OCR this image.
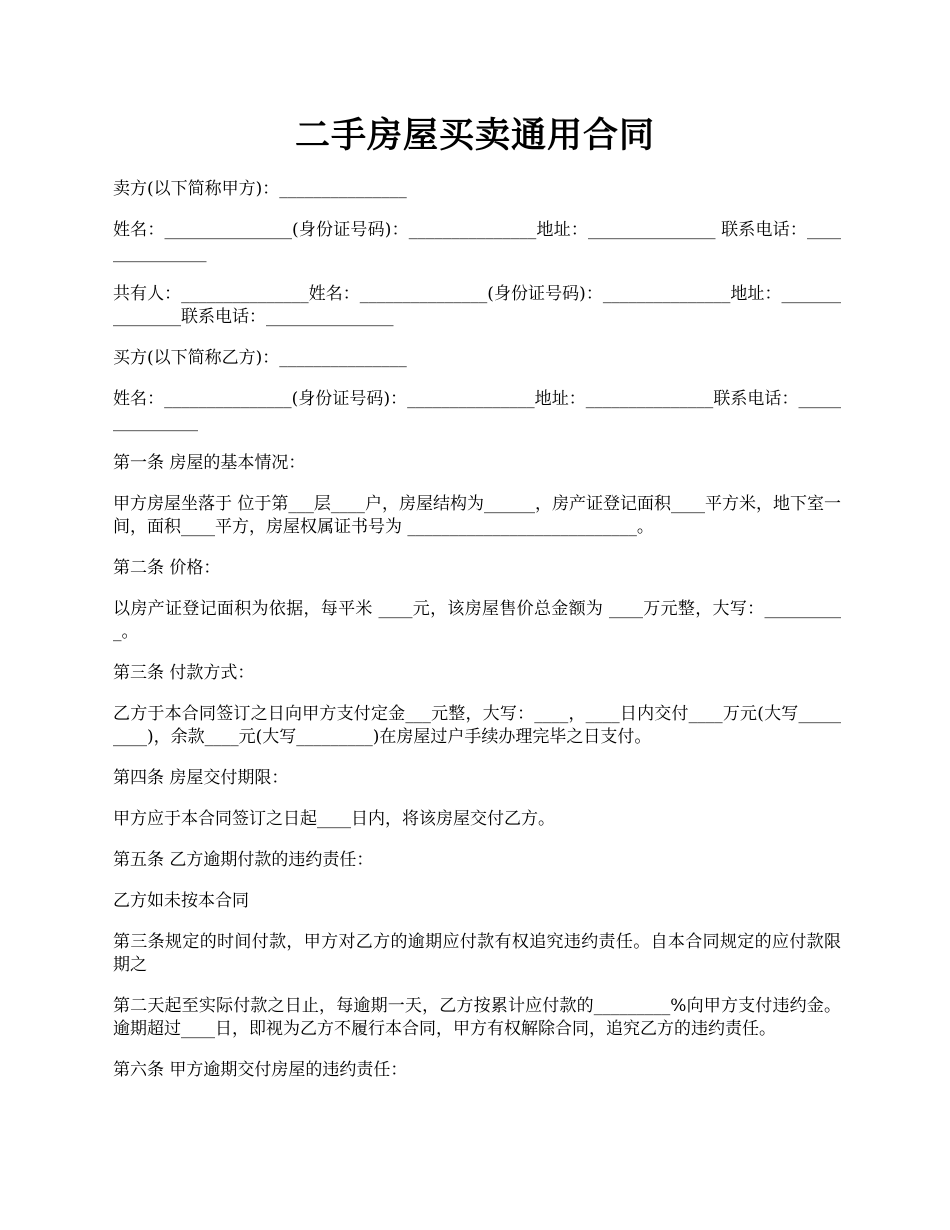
二手房屋买卖通用合同

卖方(以下简称甲方)：_______________

姓名：_______________(身份证号码)：_______________地址：_______________ 联系电话：_______________

共有人：_______________姓名：_______________(身份证号码)：_______________地址：_______________联系电话：_______________

买方(以下简称乙方)：_______________

姓名：_______________(身份证号码)：_______________地址：_______________联系电话：_______________

第一条 房屋的基本情况：

甲方房屋坐落于 位于第___层____户，房屋结构为______，房产证登记面积____平方米，地下室一间，面积____平方，房屋权属证书号为 ___________________________。

第二条 价格：

以房产证登记面积为依据，每平米 ____元，该房屋售价总金额为 ____万元整，大写：__________。

第三条 付款方式：

乙方于本合同签订之日向甲方支付定金___元整，大写：____，____日内交付____万元(大写_________)，余款____元(大写_________)在房屋过户手续办理完毕之日支付。

第四条 房屋交付期限：

甲方应于本合同签订之日起____日内，将该房屋交付乙方。

第五条 乙方逾期付款的违约责任：

乙方如未按本合同

第三条规定的时间付款，甲方对乙方的逾期应付款有权追究违约责任。自本合同规定的应付款限期之

第二天起至实际付款之日止，每逾期一天，乙方按累计应付款的_________%向甲方支付违约金。逾期超过____日，即视为乙方不履行本合同，甲方有权解除合同，追究乙方的违约责任。

第六条 甲方逾期交付房屋的违约责任：
